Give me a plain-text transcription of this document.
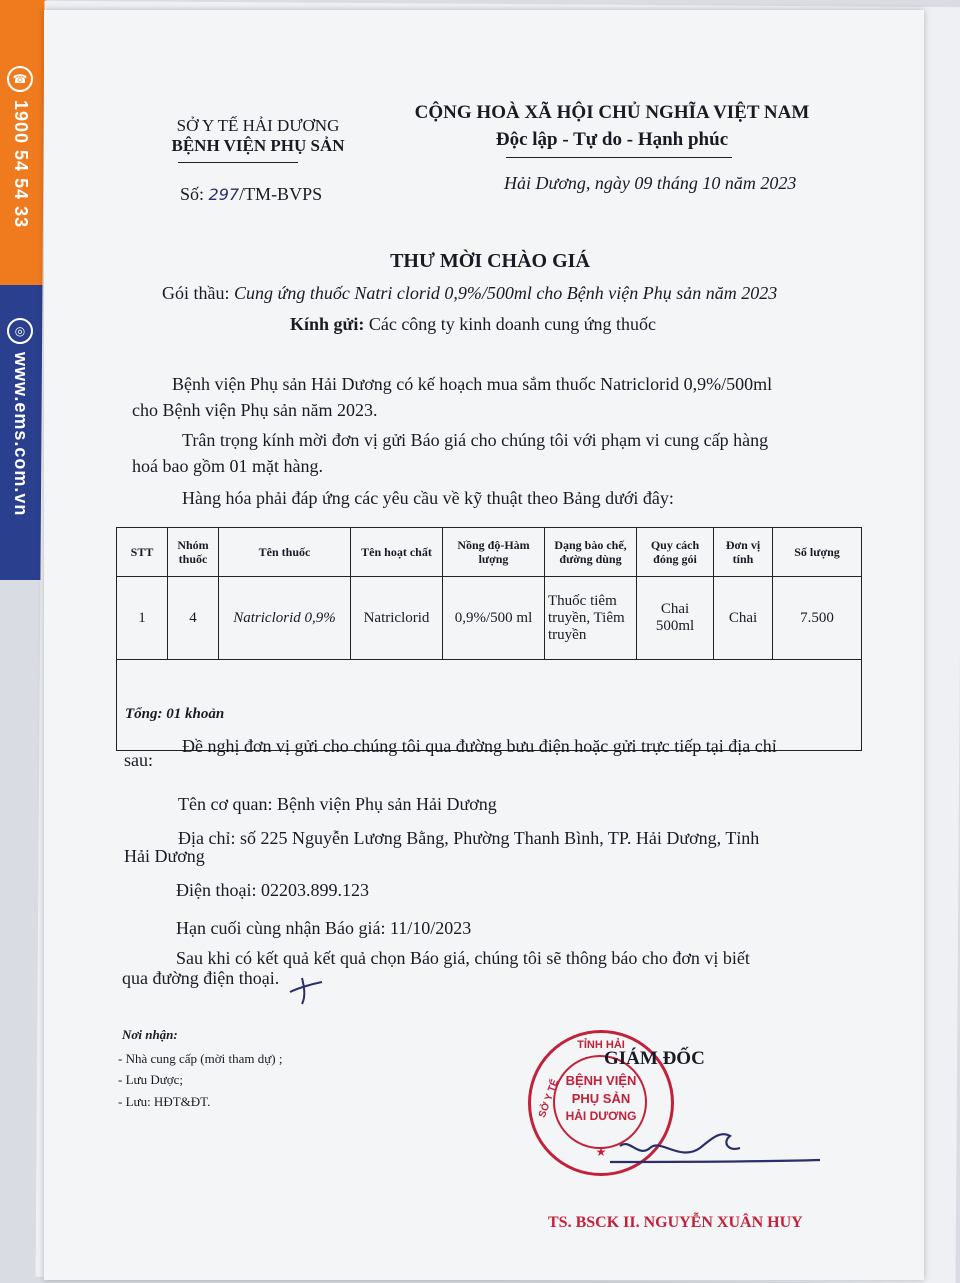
☎
1900 54 54 33
◎
www.ems.com.vn
SỞ Y TẾ HẢI DƯƠNG
BỆNH VIỆN PHỤ SẢN
Số: 297/TM-BVPS
CỘNG HOÀ XÃ HỘI CHỦ NGHĨA VIỆT NAM
Độc lập - Tự do - Hạnh phúc
Hải Dương, ngày 09 tháng 10 năm 2023
THƯ MỜI CHÀO GIÁ
Gói thầu: Cung ứng thuốc Natri clorid 0,9%/500ml cho Bệnh viện Phụ sản năm 2023
Kính gửi: Các công ty kinh doanh cung ứng thuốc
Bệnh viện Phụ sản Hải Dương có kế hoạch mua sắm thuốc Natriclorid 0,9%/500ml
cho Bệnh viện Phụ sản năm 2023.
Trân trọng kính mời đơn vị gửi Báo giá cho chúng tôi với phạm vi cung cấp hàng
hoá bao gồm 01 mặt hàng.
Hàng hóa phải đáp ứng các yêu cầu về kỹ thuật theo Bảng dưới đây:
STT	Nhóm thuốc	Tên thuốc	Tên hoạt chất	Nồng độ-Hàm lượng	Dạng bào chế, đường dùng	Quy cách đóng gói	Đơn vị tính	Số lượng
1	4	Natriclorid 0,9%	Natriclorid	0,9%/500 ml	Thuốc tiêm truyền, Tiêm truyền	Chai 500ml	Chai	7.500
Tổng: 01 khoản								
Đề nghị đơn vị gửi cho chúng tôi qua đường bưu điện hoặc gửi trực tiếp tại địa chỉ
sau:
Tên cơ quan: Bệnh viện Phụ sản Hải Dương
Địa chỉ: số 225 Nguyễn Lương Bằng, Phường Thanh Bình, TP. Hải Dương, Tỉnh
Hải Dương
Điện thoại: 02203.899.123
Hạn cuối cùng nhận Báo giá: 11/10/2023
Sau khi có kết quả kết quả chọn Báo giá, chúng tôi sẽ thông báo cho đơn vị biết
qua đường điện thoại.
Nơi nhận:
- Nhà cung cấp (mời tham dự) ;
- Lưu Dược;
- Lưu: HĐT&ĐT.
TỈNH HẢI
BỆNH VIỆN
PHỤ SẢN
HẢI DƯƠNG
SỞ Y TẾ
★
GIÁM ĐỐC
TS. BSCK II. NGUYỄN XUÂN HUY
